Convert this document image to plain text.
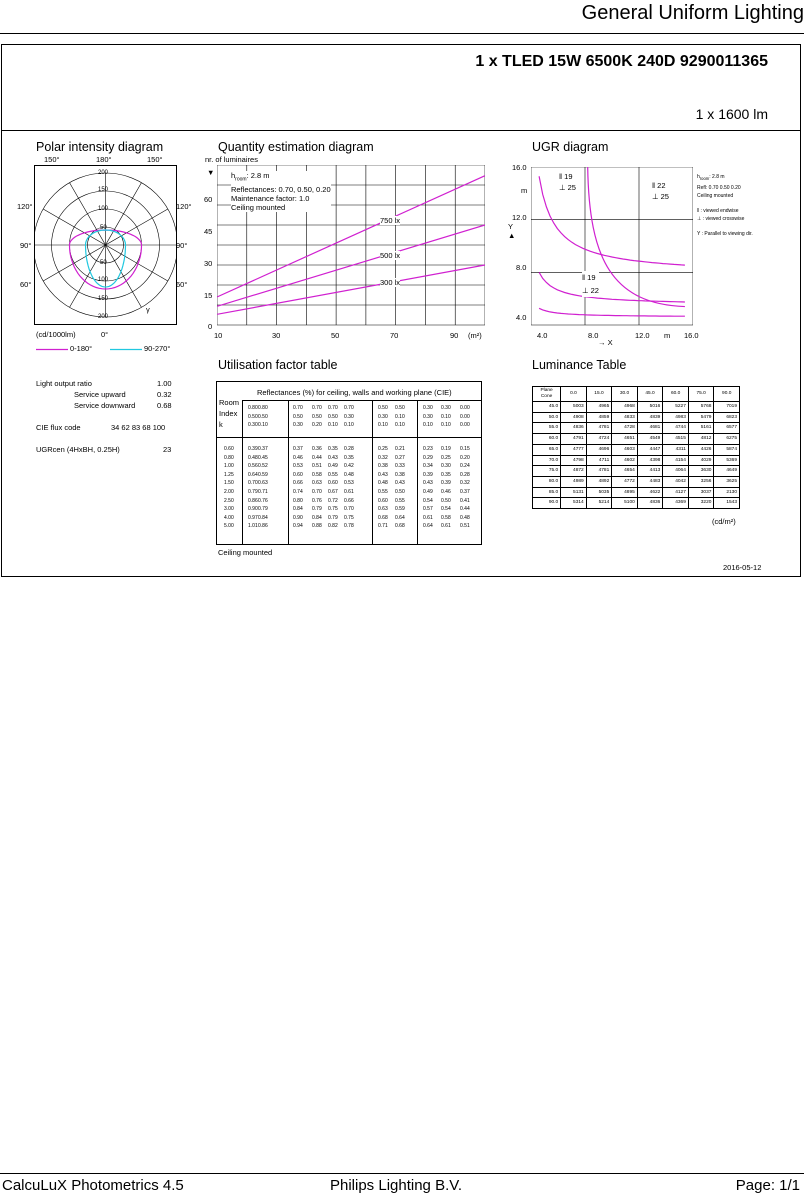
General Uniform Lighting
1 x TLED 15W 6500K 240D 9290011365
1 x 1600 lm
Polar intensity diagram
150°	180°	150°
120°
90°
60°
120°
90°
60°
200
150
100
50
50
100
150
200
γ
(cd/1000lm)	0°
0-180°	90-270°
Quantity estimation diagram
nr. of luminaires
▼
60
45
30
15
0
10	30	50	70	90 (m²)
$h_{room}$: 2.8 m
Reflectances: 0.70, 0.50, 0.20
Maintenance factor: 1.0
Ceiling mounted
750 lx
500 lx
300 lx
UGR diagram
16.0
m
12.0
Y
▲
8.0
4.0
4.0	8.0	12.0 m 16.0
→ X
‖ 19
⊥ 25	‖ 22
⊥ 25
‖ 19
⊥ 22
$h_{room}$: 2.8 m
Refl: 0.70 0.50 0.20
Ceiling mounted
‖ : viewed endwise
⊥ : viewed crosswise
Y : Parallel to viewing dir.
Light output ratio	1.00
Service upward	0.32
Service downward	0.68
CIE flux code	34 62 83 68 100
UGRcen (4HxBH, 0.25H)	23
Utilisation factor table
Reflectances (%) for ceiling, walls and working plane (CIE)
Room
Index
k
0.80 0.80	0.70 0.70 0.70 0.70	0.50 0.50	0.30 0.30 0.00
0.50 0.50	0.50 0.50 0.50 0.30	0.30 0.10	0.30 0.10 0.00
0.30 0.10	0.30 0.20 0.10 0.10	0.10 0.10	0.10 0.10 0.00
0.60	0.39 0.37	0.37 0.36 0.35 0.28	0.25 0.21	0.23 0.19 0.15
0.80	0.48 0.45	0.46 0.44 0.43 0.35	0.32 0.27	0.29 0.25 0.20
1.00	0.56 0.52	0.53 0.51 0.49 0.42	0.38 0.33	0.34 0.30 0.24
1.25	0.64 0.59	0.60 0.58 0.55 0.48	0.43 0.38	0.39 0.35 0.28
1.50	0.70 0.63	0.66 0.63 0.60 0.53	0.48 0.43	0.43 0.39 0.32
2.00	0.79 0.71	0.74 0.70 0.67 0.61	0.55 0.50	0.49 0.46 0.37
2.50	0.86 0.76	0.80 0.76 0.72 0.66	0.60 0.55	0.54 0.50 0.41
3.00	0.90 0.79	0.84 0.79 0.75 0.70	0.63 0.59	0.57 0.54 0.44
4.00	0.97 0.84	0.90 0.84 0.79 0.75	0.68 0.64	0.61 0.58 0.48
5.00	1.01 0.86	0.94 0.88 0.82 0.78	0.71 0.68	0.64 0.61 0.51
Ceiling mounted
Luminance Table
Plane
Cone	0.0	15.0	30.0	45.0	60.0	75.0	90.0
45.0	5003	4965	4968	5016	5227	5768	7019
50.0	4908	4859	4833	4839	4983	5479	6823
55.0	4836	4781	4728	4681	4744	5161	6577
60.0	4791	4724	4651	4549	4515	4812	6275
65.0	4777	4696	4603	4447	4311	4426	5874
70.0	4798	4711	4602	4398	4154	4029	5369
75.0	4872	4781	4654	4413	4064	3630	4649
80.0	4989	4892	4772	4483	4042	3256	3625
85.0	5131	5035	4895	4622	4127	3037	2130
90.0	5314	5214	5100	4836	4369	3220	1543
(cd/m²)
2016-05-12
CalcuLuX Photometrics 4.5	Philips Lighting B.V.	Page: 1/1
